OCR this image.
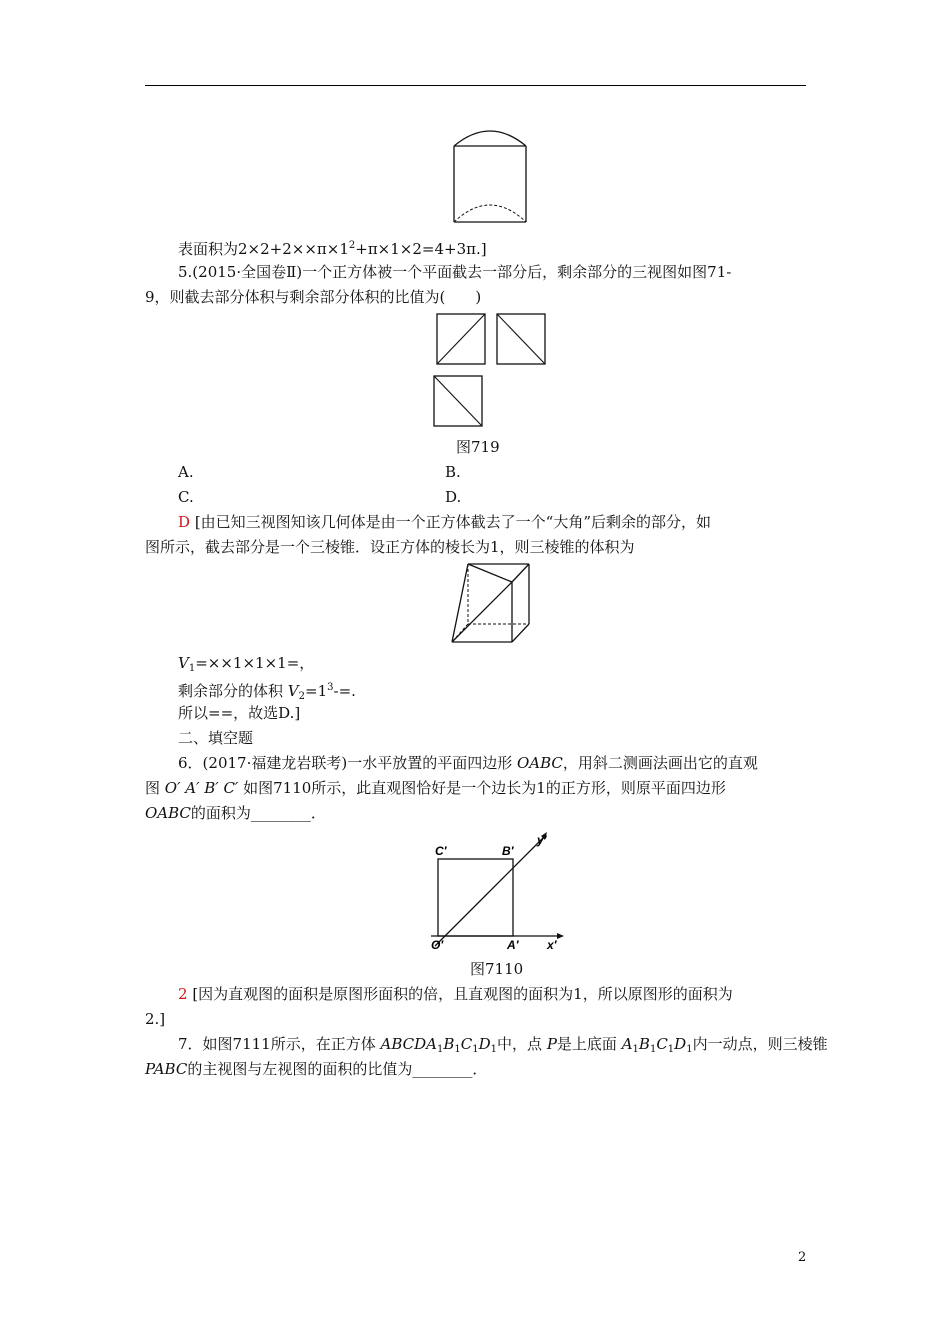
表面积为$2\times 2+2\times\times\pi\times 1^2+\pi\times 1\times 2=4+3\pi$.]
5.(2015·全国卷Ⅱ)一个正方体被一个平面截去一部分后，剩余部分的三视图如图71-
9，则截去部分体积与剩余部分体积的比值为(　　)
图719
A.	B.
C.	D.
D [由已知三视图知该几何体是由一个正方体截去了一个“大角”后剩余的部分，如
图所示，截去部分是一个三棱锥．设正方体的棱长为1，则三棱锥的体积为
$V_1=\times\times 1\times 1\times 1=$，
剩余部分的体积 $V_2=1^3-=$.
所以==，故选D.]
二、填空题
6．(2017·福建龙岩联考)一水平放置的平面四边形 OABC，用斜二测画法画出它的直观
图 O′ A′ B′ C′ 如图7110所示，此直观图恰好是一个边长为1的正方形，则原平面四边形
OABC的面积为________．
C′	B′
O′	A′ x′
y′
图7110
2 [因为直观图的面积是原图形面积的倍，且直观图的面积为1，所以原图形的面积为
2.]
7．如图7111所示，在正方体 $ABCDA_1B_1C_1D_1$中，点 P是上底面 $A_1B_1C_1D_1$内一动点，则三棱锥
PABC的主视图与左视图的面积的比值为________．
2
